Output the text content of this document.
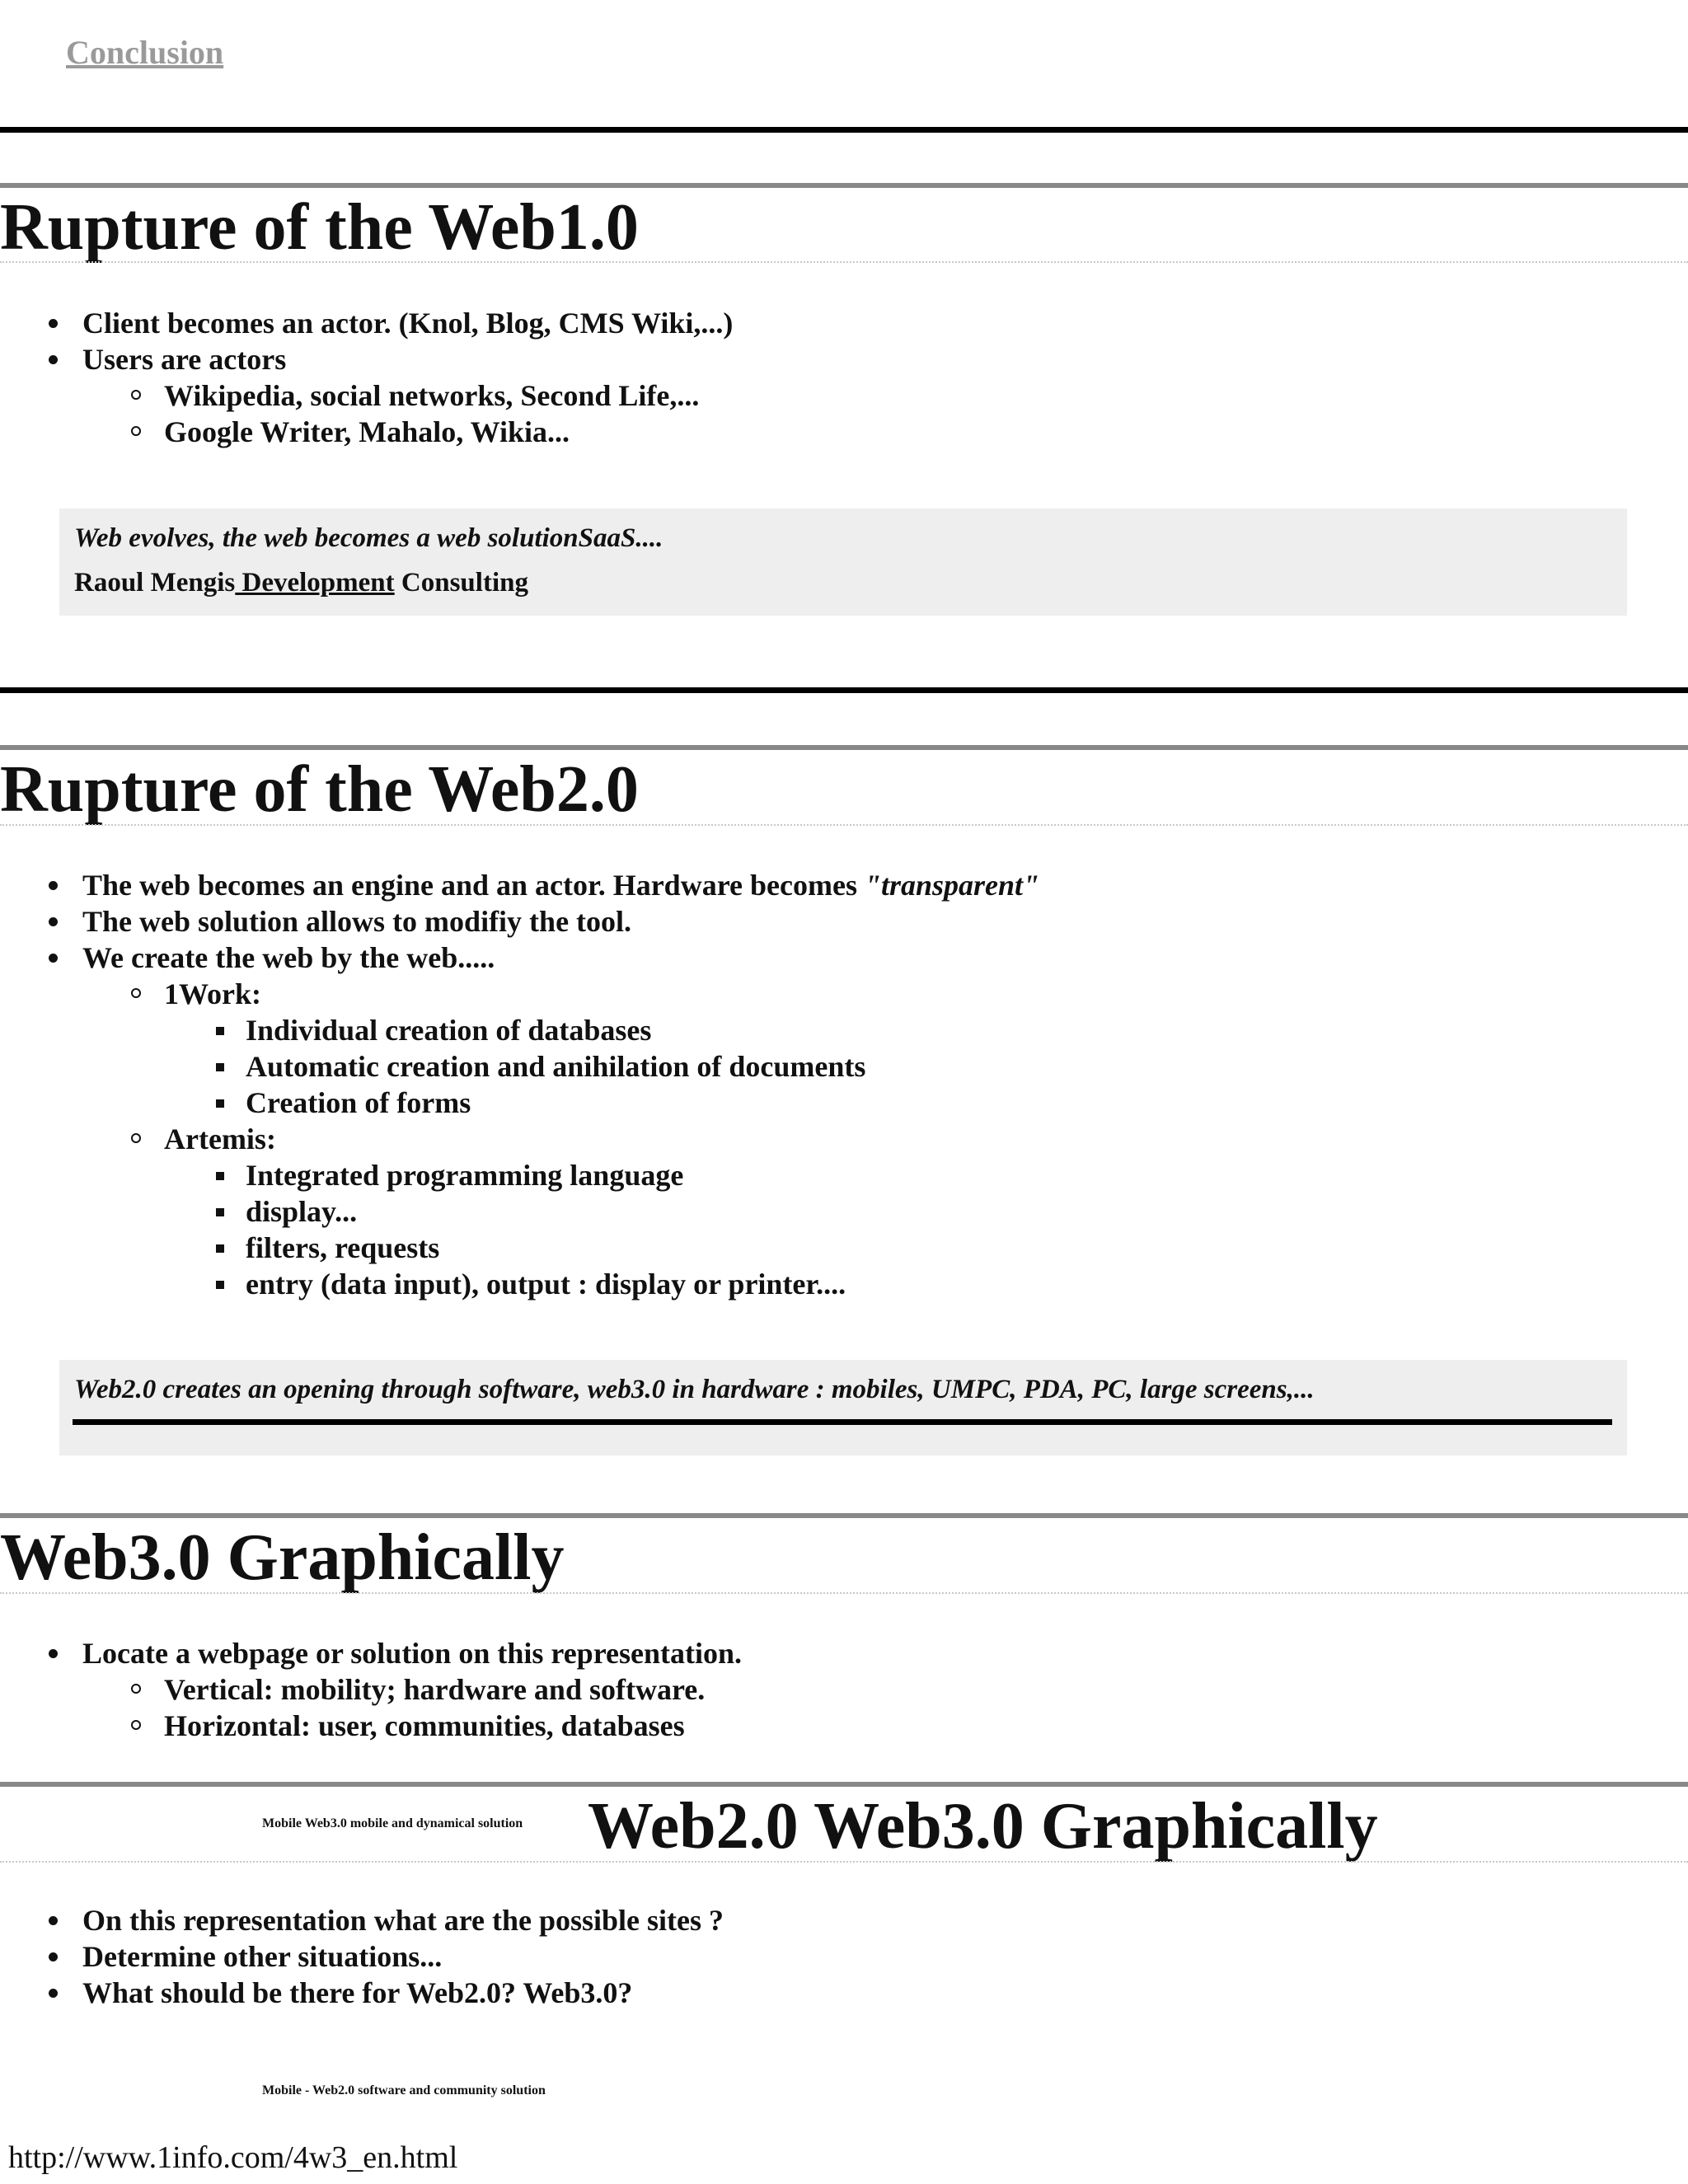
Conclusion
Rupture of the Web1.0
Client becomes an actor. (Knol, Blog, CMS Wiki,...)
Users are actors
Wikipedia, social networks, Second Life,...
Google Writer, Mahalo, Wikia...
Web evolves, the web becomes a web solutionSaaS....
Raoul Mengis Development Consulting
Rupture of the Web2.0
The web becomes an engine and an actor. Hardware becomes "transparent"
The web solution allows to modifiy the tool.
We create the web by the web.....
1Work:
Individual creation of databases
Automatic creation and anihilation of documents
Creation of forms
Artemis:
Integrated programming language
display...
filters, requests
entry (data input), output : display or printer....
Web2.0 creates an opening through software, web3.0 in hardware : mobiles, UMPC, PDA, PC, large screens,...
Web3.0 Graphically
Locate a webpage or solution on this representation.
Vertical: mobility; hardware and software.
Horizontal: user, communities, databases
Mobile Web3.0 mobile and dynamical solution Web2.0 Web3.0 Graphically
On this representation what are the possible sites ?
Determine other situations...
What should be there for Web2.0? Web3.0?
Mobile - Web2.0 software and community solution
http://www.1info.com/4w3_en.html
